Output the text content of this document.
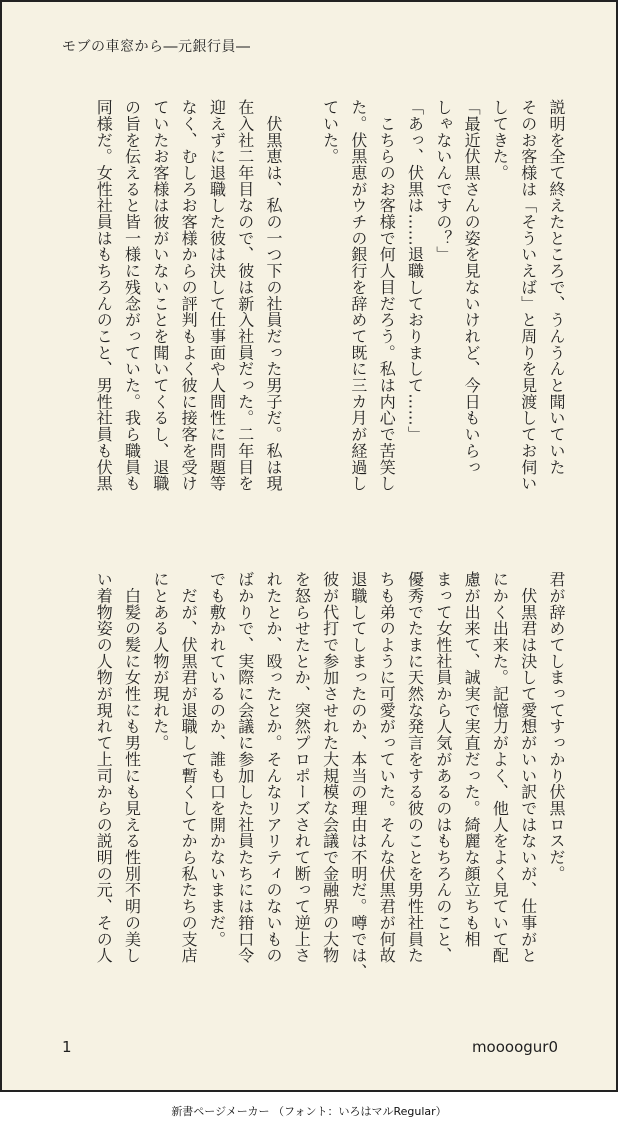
モブの車窓から―元銀行員―
説明を全て終えたところで、うんうんと聞いていた
そのお客様は「そういえば」と周りを見渡してお伺い
してきた。
「最近伏黒さんの姿を見ないけれど、今日もいらっ
しゃないんですの？」
「あっ、伏黒は……退職しておりまして……」
　こちらのお客様で何人目だろう。私は内心で苦笑し
た。伏黒恵がウチの銀行を辞めて既に三カ月が経過し
ていた。

　伏黒恵は、私の一つ下の社員だった男子だ。私は現
在入社二年目なので、彼は新入社員だった。二年目を
迎えずに退職した彼は決して仕事面や人間性に問題等
なく、むしろお客様からの評判もよく彼に接客を受け
ていたお客様は彼がいないことを聞いてくるし、退職
の旨を伝えると皆一様に残念がっていた。我ら職員も
同様だ。女性社員はもちろんのこと、男性社員も伏黒
君が辞めてしまってすっかり伏黒ロスだ。
　伏黒君は決して愛想がいい訳ではないが、仕事がと
にかく出来た。記憶力がよく、他人をよく見ていて配
慮が出来て、誠実で実直だった。綺麗な顔立ちも相
まって女性社員から人気があるのはもちろんのこと、
優秀でたまに天然な発言をする彼のことを男性社員た
ちも弟のように可愛がっていた。そんな伏黒君が何故
退職してしまったのか、本当の理由は不明だ。噂では、
彼が代打で参加させれた大規模な会議で金融界の大物
を怒らせたとか、突然プロポーズされて断って逆上さ
れたとか、殴ったとか。そんなリアリティのないもの
ばかりで、実際に会議に参加した社員たちには箝口令
でも敷かれているのか、誰も口を開かないままだ。
　だが、伏黒君が退職して暫くしてから私たちの支店
にとある人物が現れた。
　白髪の髪に女性にも男性にも見える性別不明の美し
い着物姿の人物が現れて上司からの説明の元、その人
1	moooogur0
新書ページメーカー （フォント：いろはマルRegular）
